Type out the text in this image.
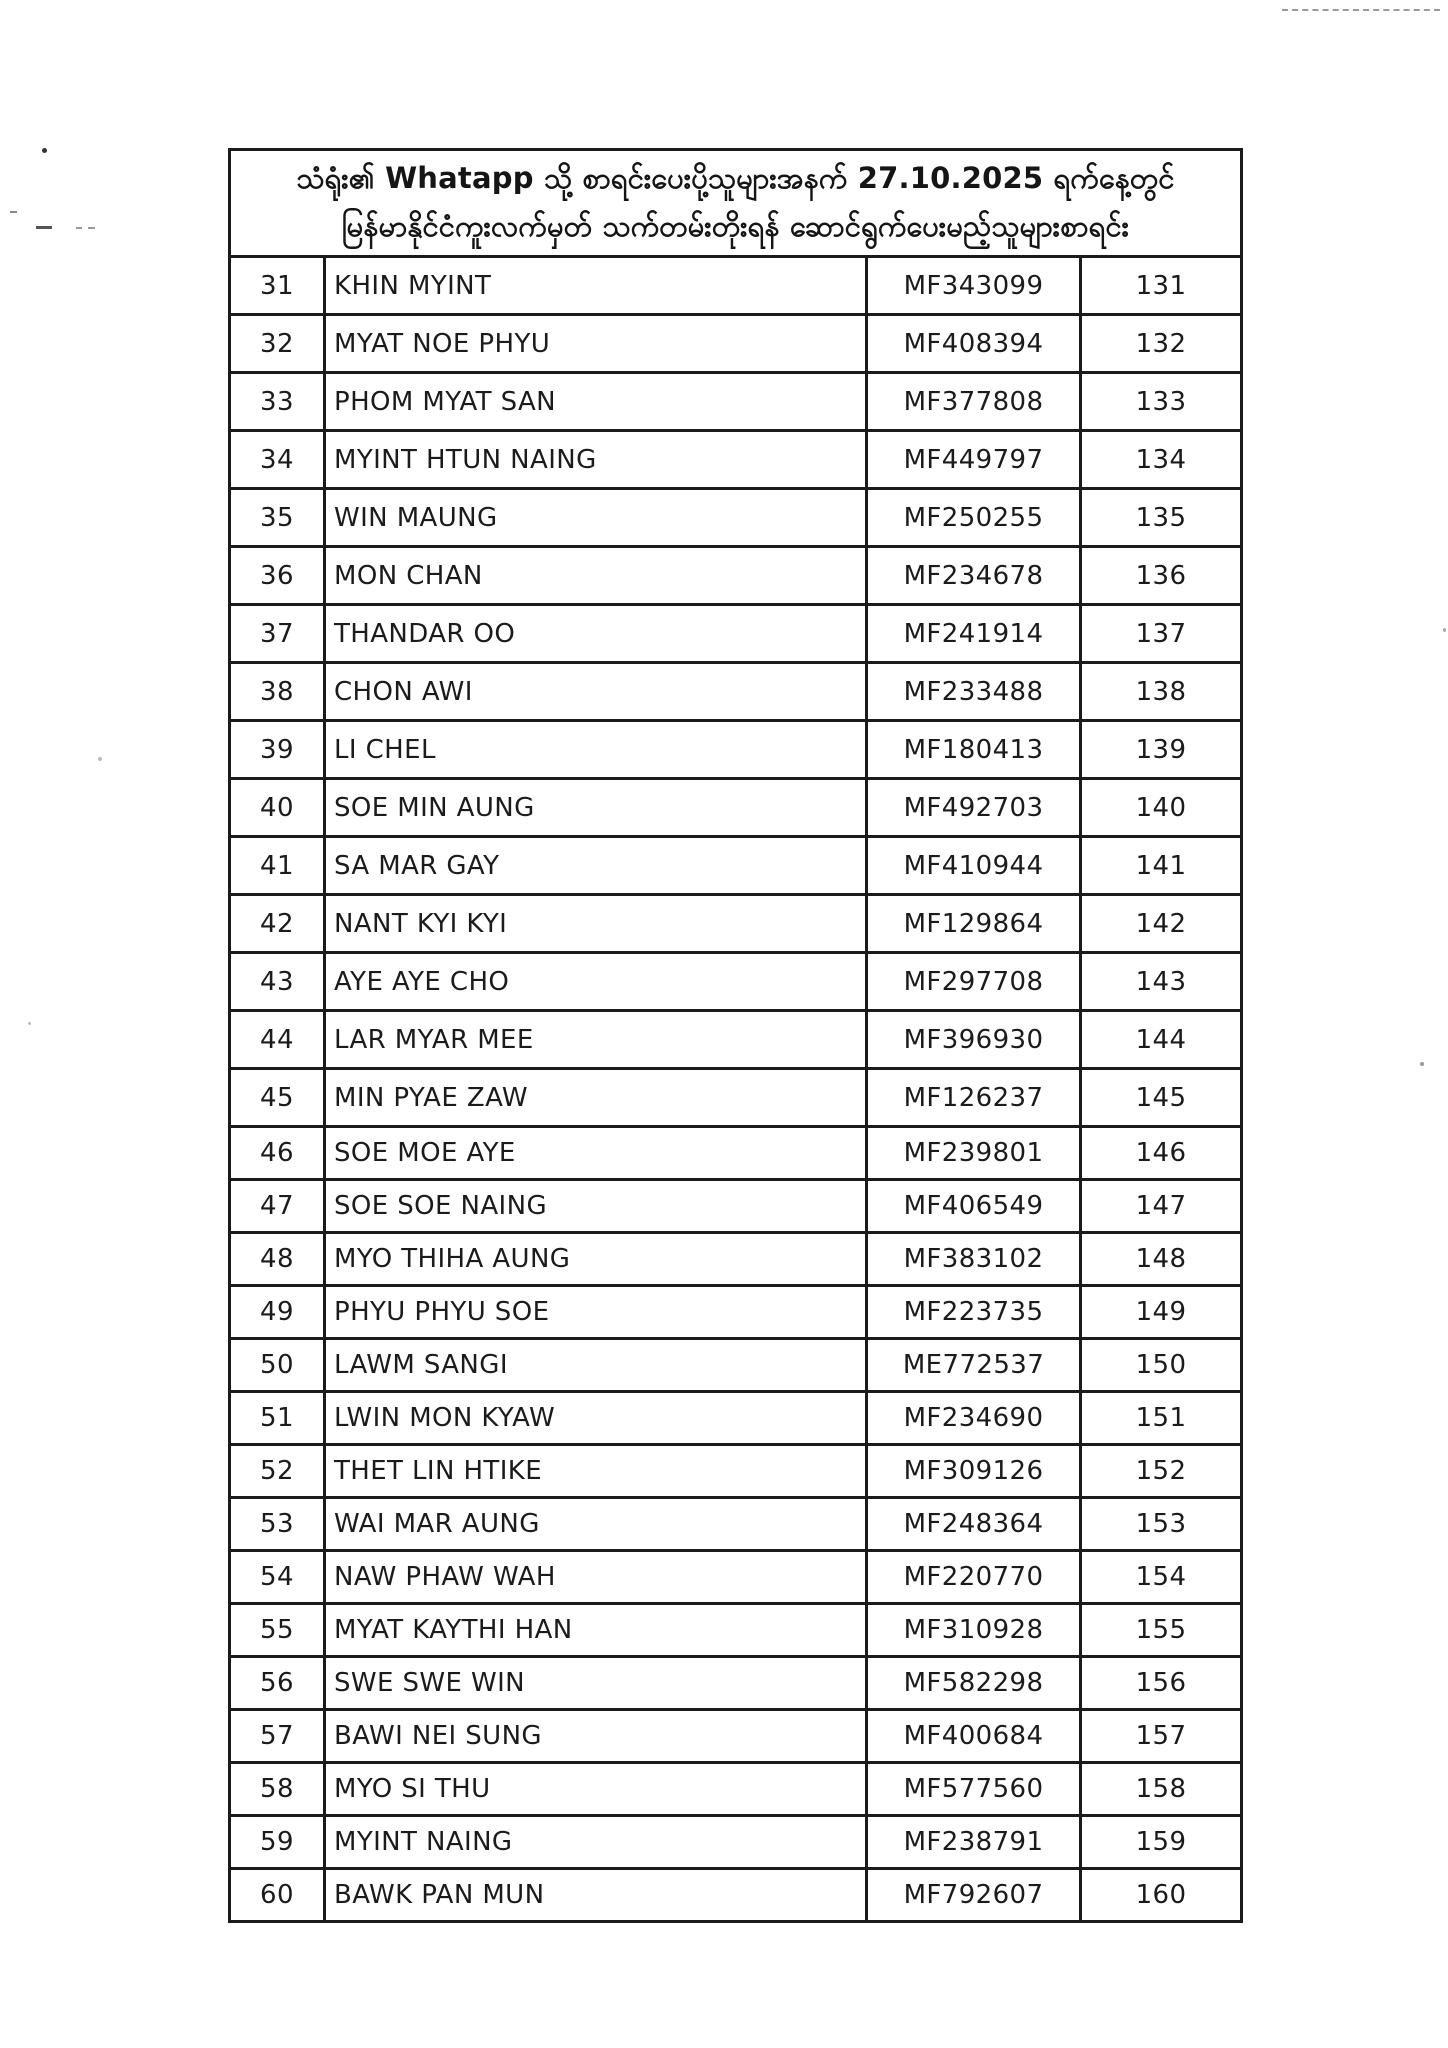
သံရုံး၏ Whatapp သို့ စာရင်းပေးပို့သူများအနက် 27.10.2025 ရက်နေ့တွင်
မြန်မာနိုင်ငံကူးလက်မှတ် သက်တမ်းတိုးရန် ဆောင်ရွက်ပေးမည့်သူများစာရင်း
31	KHIN MYINT	MF343099	131
32	MYAT NOE PHYU	MF408394	132
33	PHOM MYAT SAN	MF377808	133
34	MYINT HTUN NAING	MF449797	134
35	WIN MAUNG	MF250255	135
36	MON CHAN	MF234678	136
37	THANDAR OO	MF241914	137
38	CHON AWI	MF233488	138
39	LI CHEL	MF180413	139
40	SOE MIN AUNG	MF492703	140
41	SA MAR GAY	MF410944	141
42	NANT KYI KYI	MF129864	142
43	AYE AYE CHO	MF297708	143
44	LAR MYAR MEE	MF396930	144
45	MIN PYAE ZAW	MF126237	145
46	SOE MOE AYE	MF239801	146
47	SOE SOE NAING	MF406549	147
48	MYO THIHA AUNG	MF383102	148
49	PHYU PHYU SOE	MF223735	149
50	LAWM SANGI	ME772537	150
51	LWIN MON KYAW	MF234690	151
52	THET LIN HTIKE	MF309126	152
53	WAI MAR AUNG	MF248364	153
54	NAW PHAW WAH	MF220770	154
55	MYAT KAYTHI HAN	MF310928	155
56	SWE SWE WIN	MF582298	156
57	BAWI NEI SUNG	MF400684	157
58	MYO SI THU	MF577560	158
59	MYINT NAING	MF238791	159
60	BAWK PAN MUN	MF792607	160
